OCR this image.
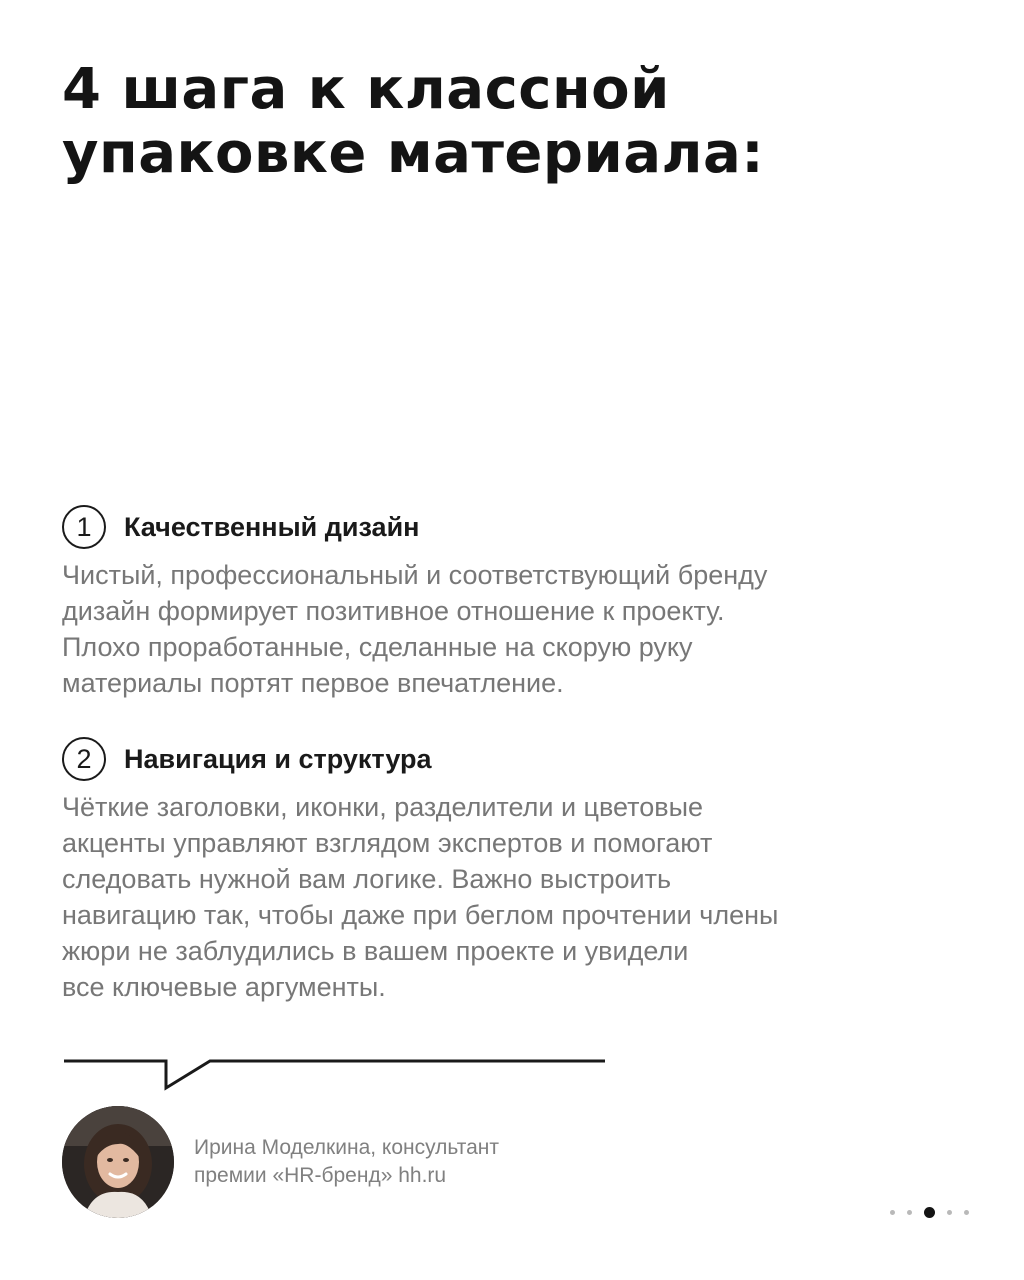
4 шага к классной
упаковке материала:
1	Качественный дизайн
Чистый, профессиональный и соответствующий бренду
дизайн формирует позитивное отношение к проекту.
Плохо проработанные, сделанные на скорую руку
материалы портят первое впечатление.
2	Навигация и структура
Чёткие заголовки, иконки, разделители и цветовые
акценты управляют взглядом экспертов и помогают
следовать нужной вам логике. Важно выстроить
навигацию так, чтобы даже при беглом прочтении члены
жюри не заблудились в вашем проекте и увидели
все ключевые аргументы.
Ирина Моделкина, консультант
премии «HR-бренд» hh.ru
